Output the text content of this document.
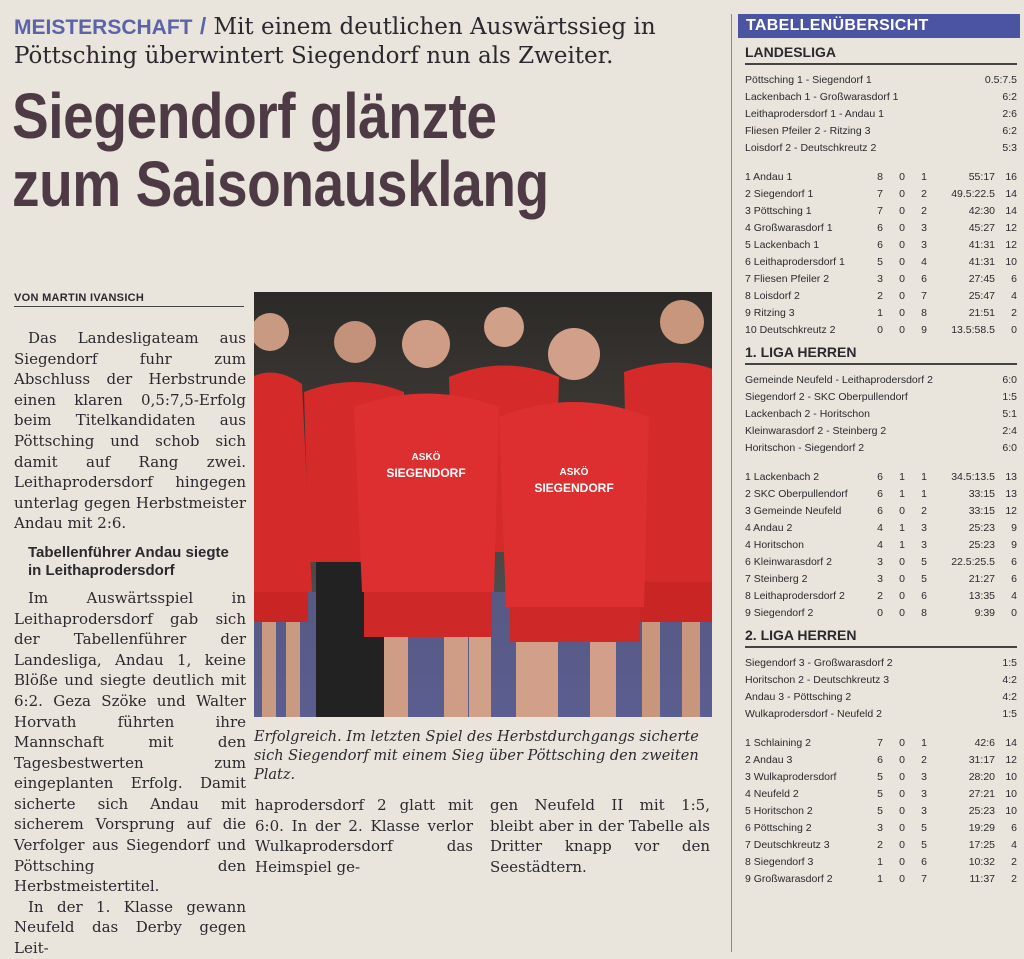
MEISTERSCHAFT / Mit einem deutlichen Auswärtssieg in Pöttsching überwintert Siegendorf nun als Zweiter.
Siegendorf glänzte
zum Saisonausklang
VON MARTIN IVANSICH

Das Landesligateam aus Siegendorf fuhr zum Abschluss der Herbstrunde einen klaren 0,5:7,5-Erfolg beim Titelkandidaten aus Pöttsching und schob sich damit auf Rang zwei. Leithaprodersdorf hingegen unterlag gegen Herbstmeister Andau mit 2:6.

Tabellenführer Andau siegte in Leithaprodersdorf

Im Auswärtsspiel in Leithaprodersdorf gab sich der Tabellenführer der Landesliga, Andau 1, keine Blöße und siegte deutlich mit 6:2. Geza Szöke und Walter Horvath führten ihre Mannschaft mit den Tagesbestwerten zum eingeplanten Erfolg. Damit sicherte sich Andau mit sicherem Vorsprung auf die Verfolger aus Siegendorf und Pöttsching den Herbstmeistertitel.

In der 1. Klasse gewann Neufeld das Derby gegen Leit-

haprodersdorf 2 glatt mit 6:0. In der 2. Klasse verlor Wulkaprodersdorf das Heimspiel ge-

gen Neufeld II mit 1:5, bleibt aber in der Tabelle als Dritter knapp vor den Seestädtern.

SIEGENDORF
ASKÖ
SIEGENDORF
ASKÖ
Erfolgreich. Im letzten Spiel des Herbstdurchgangs sicherte sich Siegendorf mit einem Sieg über Pöttsching den zweiten Platz.
TABELLENÜBERSICHT
LANDESLIGA
Pöttsching 1 - Siegendorf 1	0.5:7.5
Lackenbach 1 - Großwarasdorf 1	6:2
Leithaprodersdorf 1 - Andau 1	2:6
Fliesen Pfeiler 2 - Ritzing 3	6:2
Loisdorf 2 - Deutschkreutz 2	5:3
1 Andau 1	8	0	1	55:17 16
2 Siegendorf 1	7	0	2	49.5:22.5 14
3 Pöttsching 1	7	0	2	42:30 14
4 Großwarasdorf 1	6	0	3	45:27 12
5 Lackenbach 1	6	0	3	41:31 12
6 Leithaprodersdorf 1	5	0	4	41:31 10
7 Fliesen Pfeiler 2	3	0	6	27:45	6
8 Loisdorf 2	2	0	7	25:47	4
9 Ritzing 3	1	0	8	21:51	2
10 Deutschkreutz 2	0	0	9	13.5:58.5	0
1. LIGA HERREN
Gemeinde Neufeld - Leithaprodersdorf 2	6:0
Siegendorf 2 - SKC Oberpullendorf	1:5
Lackenbach 2 - Horitschon	5:1
Kleinwarasdorf 2 - Steinberg 2	2:4
Horitschon - Siegendorf 2	6:0
1 Lackenbach 2	6	1	1	34.5:13.5 13
2 SKC Oberpullendorf	6	1	1	33:15 13
3 Gemeinde Neufeld	6	0	2	33:15 12
4 Andau 2	4	1	3	25:23	9
4 Horitschon	4	1	3	25:23	9
6 Kleinwarasdorf 2	3	0	5	22.5:25.5	6
7 Steinberg 2	3	0	5	21:27	6
8 Leithaprodersdorf 2	2	0	6	13:35	4
9 Siegendorf 2	0	0	8	9:39	0
2. LIGA HERREN
Siegendorf 3 - Großwarasdorf 2	1:5
Horitschon 2 - Deutschkreutz 3	4:2
Andau 3 - Pöttsching 2	4:2
Wulkaprodersdorf - Neufeld 2	1:5
1 Schlaining 2	7	0	1	42:6 14
2 Andau 3	6	0	2	31:17 12
3 Wulkaprodersdorf	5	0	3	28:20 10
4 Neufeld 2	5	0	3	27:21 10
5 Horitschon 2	5	0	3	25:23 10
6 Pöttsching 2	3	0	5	19:29	6
7 Deutschkreutz 3	2	0	5	17:25	4
8 Siegendorf 3	1	0	6	10:32	2
9 Großwarasdorf 2	1	0	7	11:37	2
